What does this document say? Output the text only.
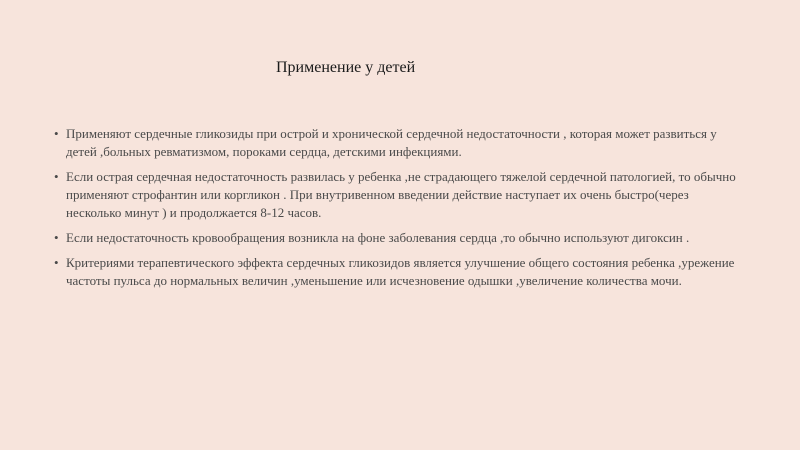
Применение у детей
• Применяют сердечные гликозиды при острой и хронической сердечной недостаточности , которая может развиться у детей ,больных ревматизмом, пороками сердца, детскими инфекциями.
• Если острая сердечная недостаточность развилась у ребенка ,не страдающего тяжелой сердечной патологией, то обычно применяют строфантин или коргликон . При внутривенном введении действие наступает их очень быстро(через несколько минут ) и продолжается 8-12 часов.
• Если недостаточность кровообращения возникла на фоне заболевания сердца ,то обычно используют дигоксин .
• Критериями терапевтического эффекта сердечных гликозидов является улучшение общего состояния ребенка ,урежение частоты пульса до нормальных величин ,уменьшение или исчезновение одышки ,увеличение количества мочи.
